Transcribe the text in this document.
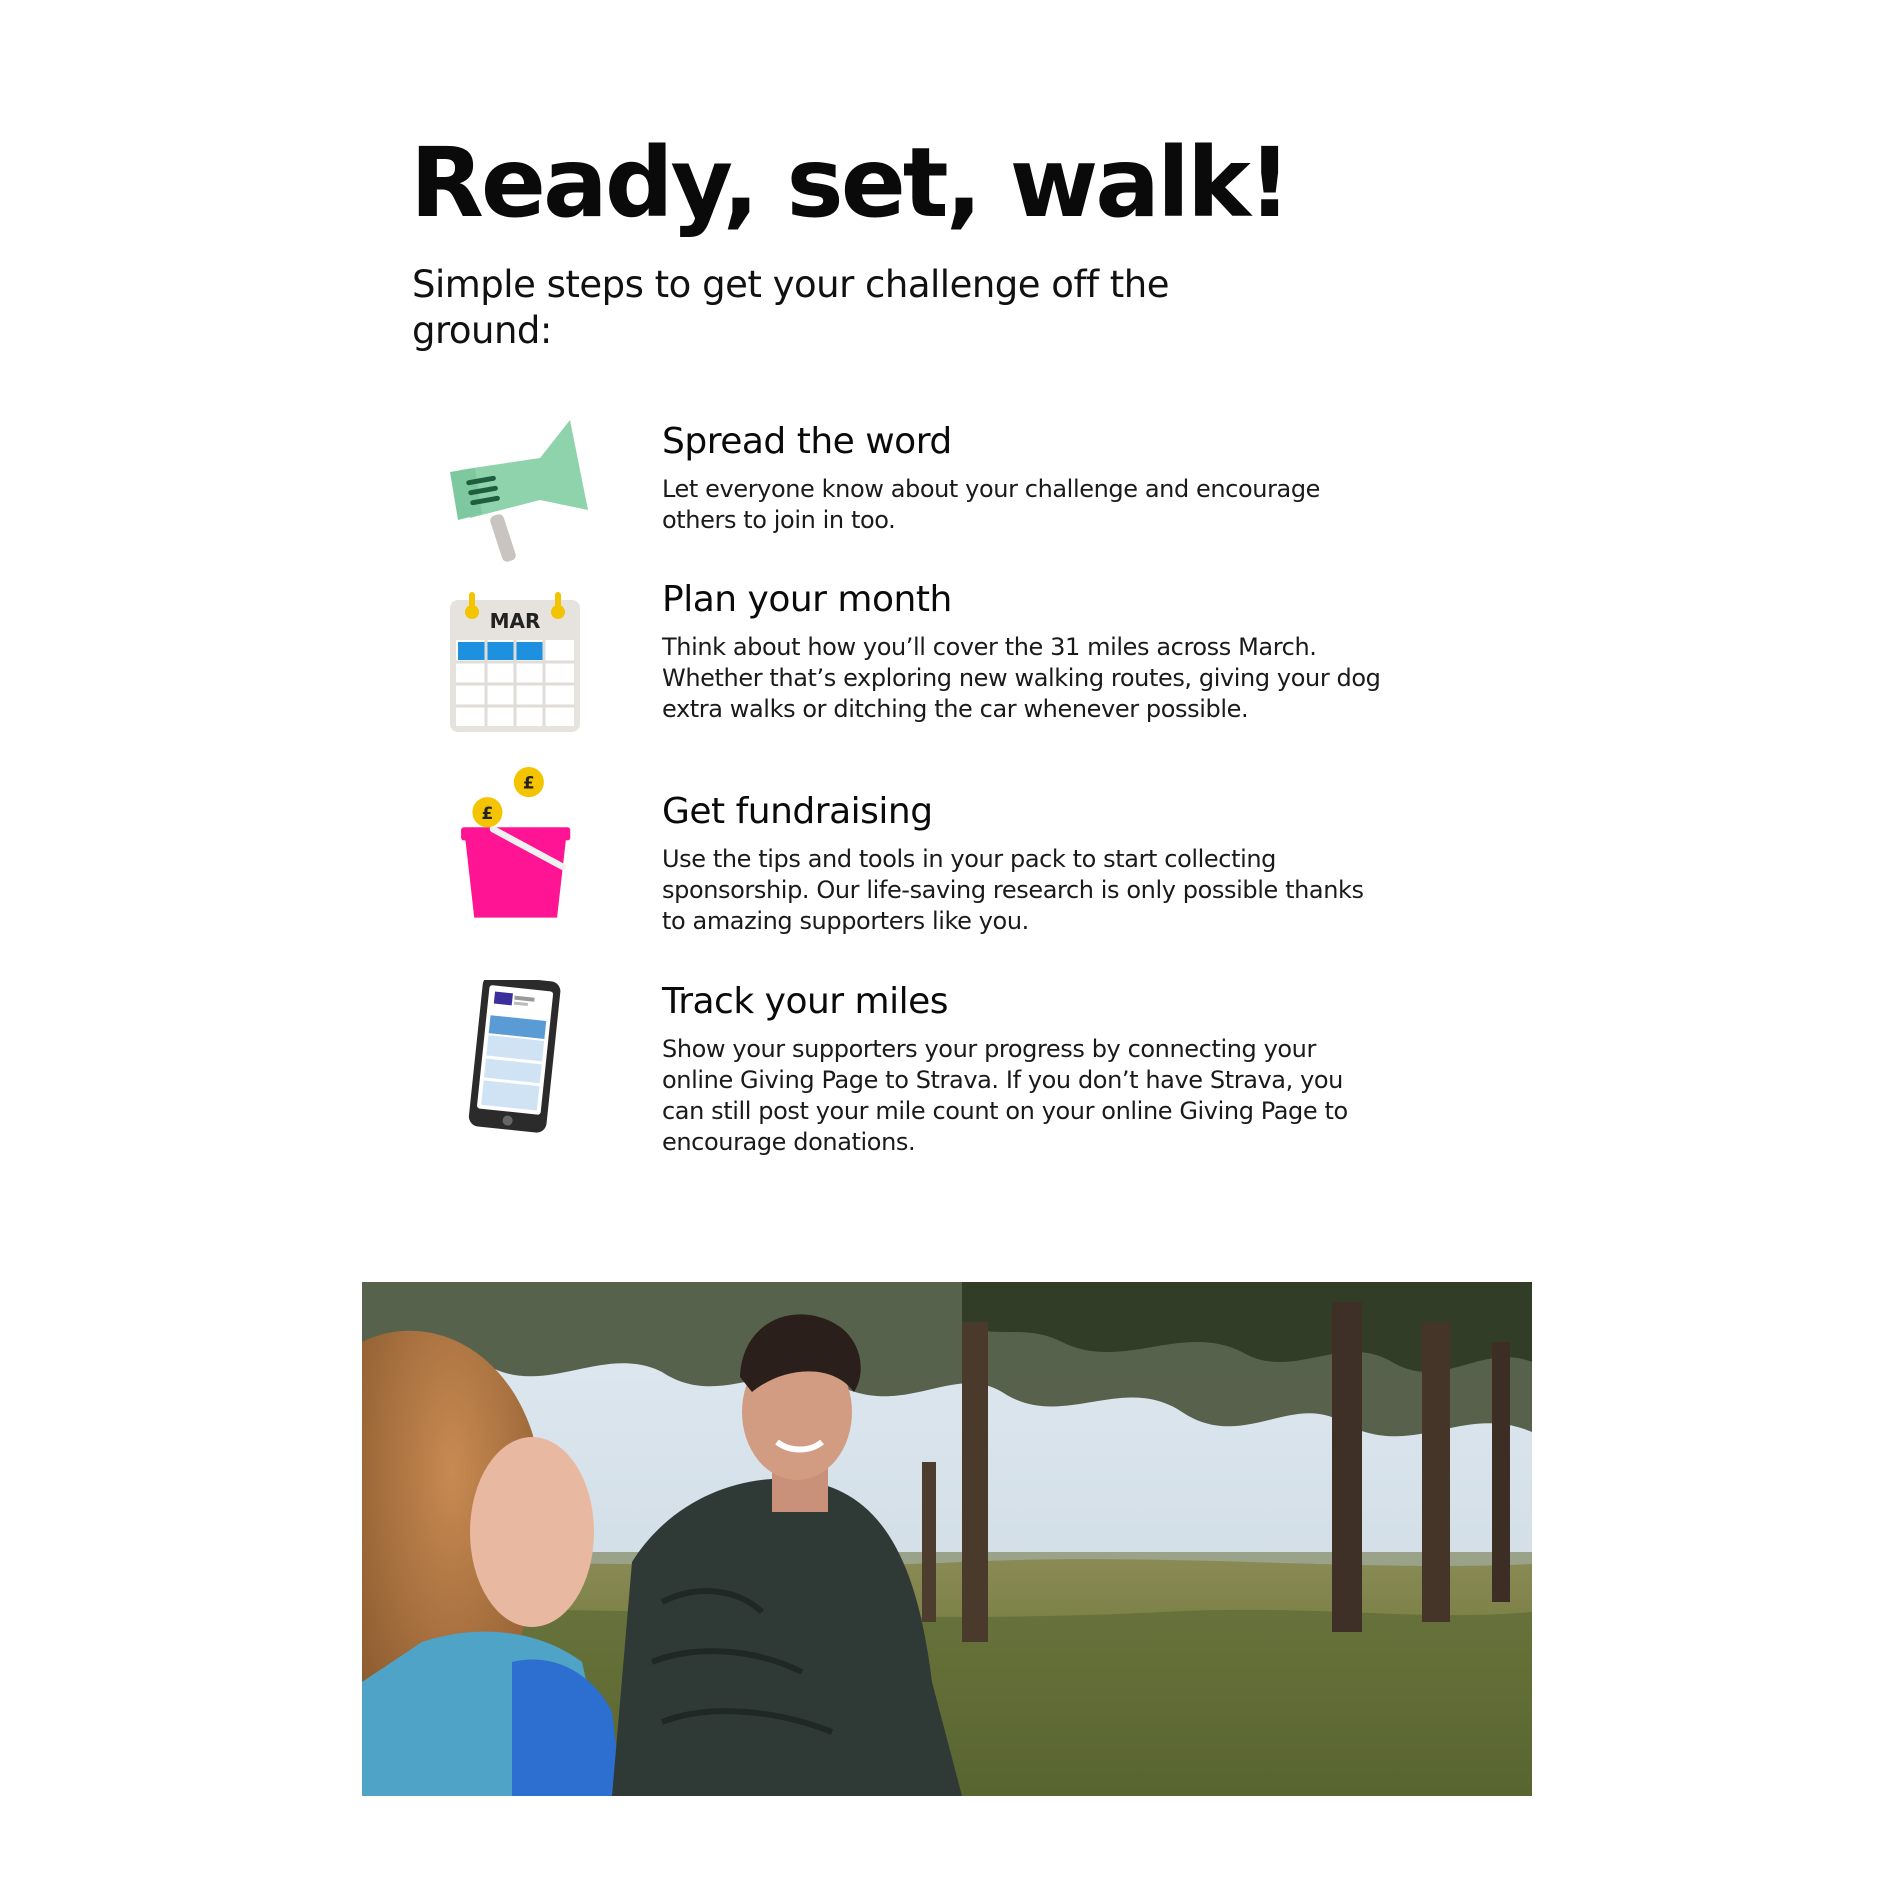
Ready, set, walk!

Simple steps to get your challenge off the ground:

Spread the word

Let everyone know about your challenge and encourage others to join in too.

MAR
Plan your month

Think about how you’ll cover the 31 miles across March. Whether that’s exploring new walking routes, giving your dog extra walks or ditching the car whenever possible.

£
£
Get fundraising

Use the tips and tools in your pack to start collecting sponsorship. Our life-saving research is only possible thanks to amazing supporters like you.

Track your miles

Show your supporters your progress by connecting your online Giving Page to Strava. If you don’t have Strava, you can still post your mile count on your online Giving Page to encourage donations.
